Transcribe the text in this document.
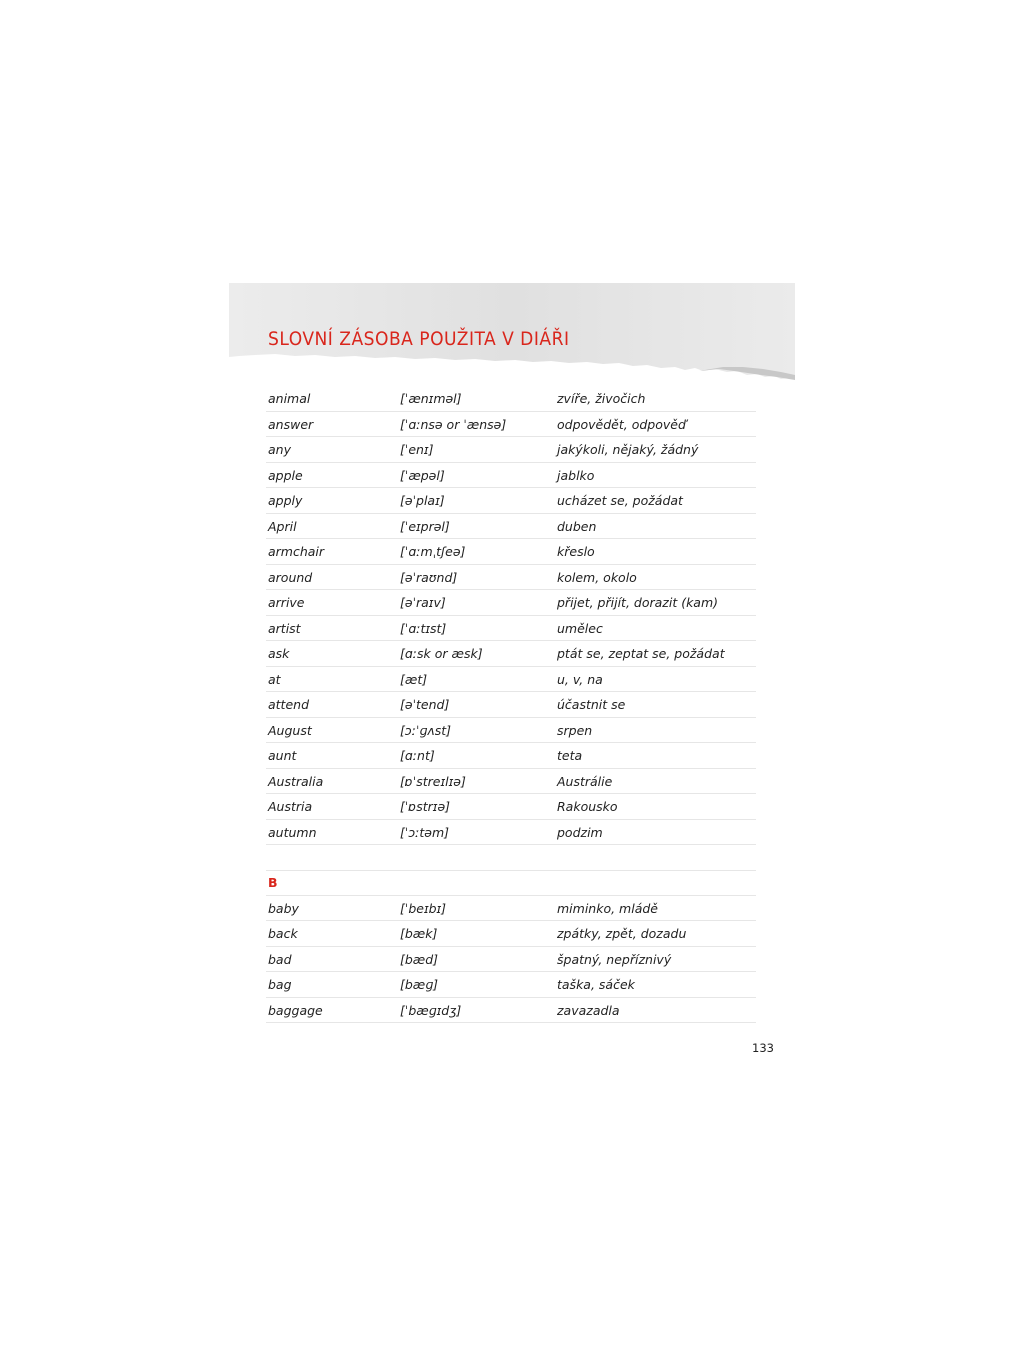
SLOVNÍ ZÁSOBA POUŽITA V DIÁŘI
animal	[ˈænɪməl]	zvíře, živočich
answer	[ˈɑːnsə or ˈænsə]	odpovědět, odpověď
any	[ˈenɪ]	jakýkoli, nějaký, žádný
apple	[ˈæpəl]	jablko
apply	[əˈplaɪ]	ucházet se, požádat
April	[ˈeɪprəl]	duben
armchair	[ˈɑːmˌtʃeə]	křeslo
around	[əˈraʊnd]	kolem, okolo
arrive	[əˈraɪv]	přijet, přijít, dorazit (kam)
artist	[ˈɑːtɪst]	umělec
ask	[ɑːsk or æsk]	ptát se, zeptat se, požádat
at	[æt]	u, v, na
attend	[əˈtend]	účastnit se
August	[ɔːˈɡʌst]	srpen
aunt	[ɑːnt]	teta
Australia	[ɒˈstreɪlɪə]	Austrálie
Austria	[ˈɒstrɪə]	Rakousko
autumn	[ˈɔːtəm]	podzim
B
baby	[ˈbeɪbɪ]	miminko, mládě
back	[bæk]	zpátky, zpět, dozadu
bad	[bæd]	špatný, nepříznivý
bag	[bæɡ]	taška, sáček
baggage	[ˈbæɡɪdʒ]	zavazadla
133
